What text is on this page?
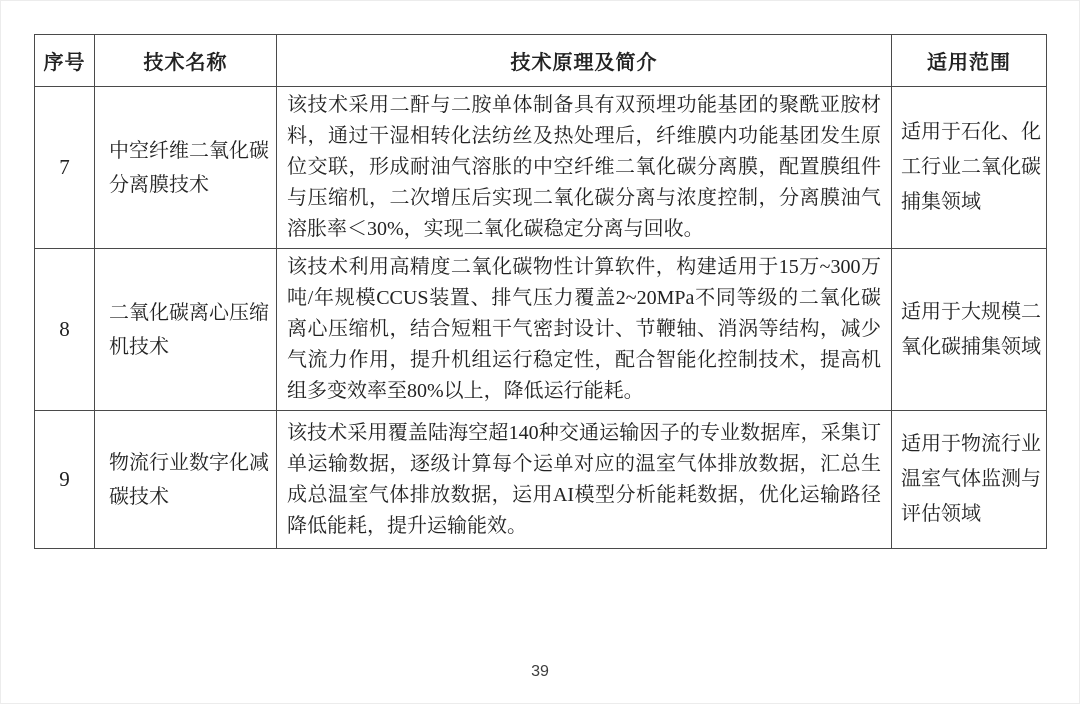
序号	技术名称	技术原理及简介	适用范围
7	中空纤维二氧化碳分离膜技术	该技术采用二酐与二胺单体制备具有双预埋功能基团的聚酰亚胺材料，通过干湿相转化法纺丝及热处理后，纤维膜内功能基团发生原位交联，形成耐油气溶胀的中空纤维二氧化碳分离膜，配置膜组件与压缩机，二次增压后实现二氧化碳分离与浓度控制，分离膜油气溶胀率＜30%，实现二氧化碳稳定分离与回收。	适用于石化、化工行业二氧化碳捕集领域
8	二氧化碳离心压缩机技术	该技术利用高精度二氧化碳物性计算软件，构建适用于15万~300万吨/年规模CCUS装置、排气压力覆盖2~20MPa不同等级的二氧化碳离心压缩机，结合短粗干气密封设计、节鞭轴、消涡等结构，减少气流力作用，提升机组运行稳定性，配合智能化控制技术，提高机组多变效率至80%以上，降低运行能耗。	适用于大规模二氧化碳捕集领域
9	物流行业数字化减碳技术	该技术采用覆盖陆海空超140种交通运输因子的专业数据库，采集订单运输数据，逐级计算每个运单对应的温室气体排放数据，汇总生成总温室气体排放数据，运用AI模型分析能耗数据，优化运输路径降低能耗，提升运输能效。	适用于物流行业温室气体监测与评估领域
39
